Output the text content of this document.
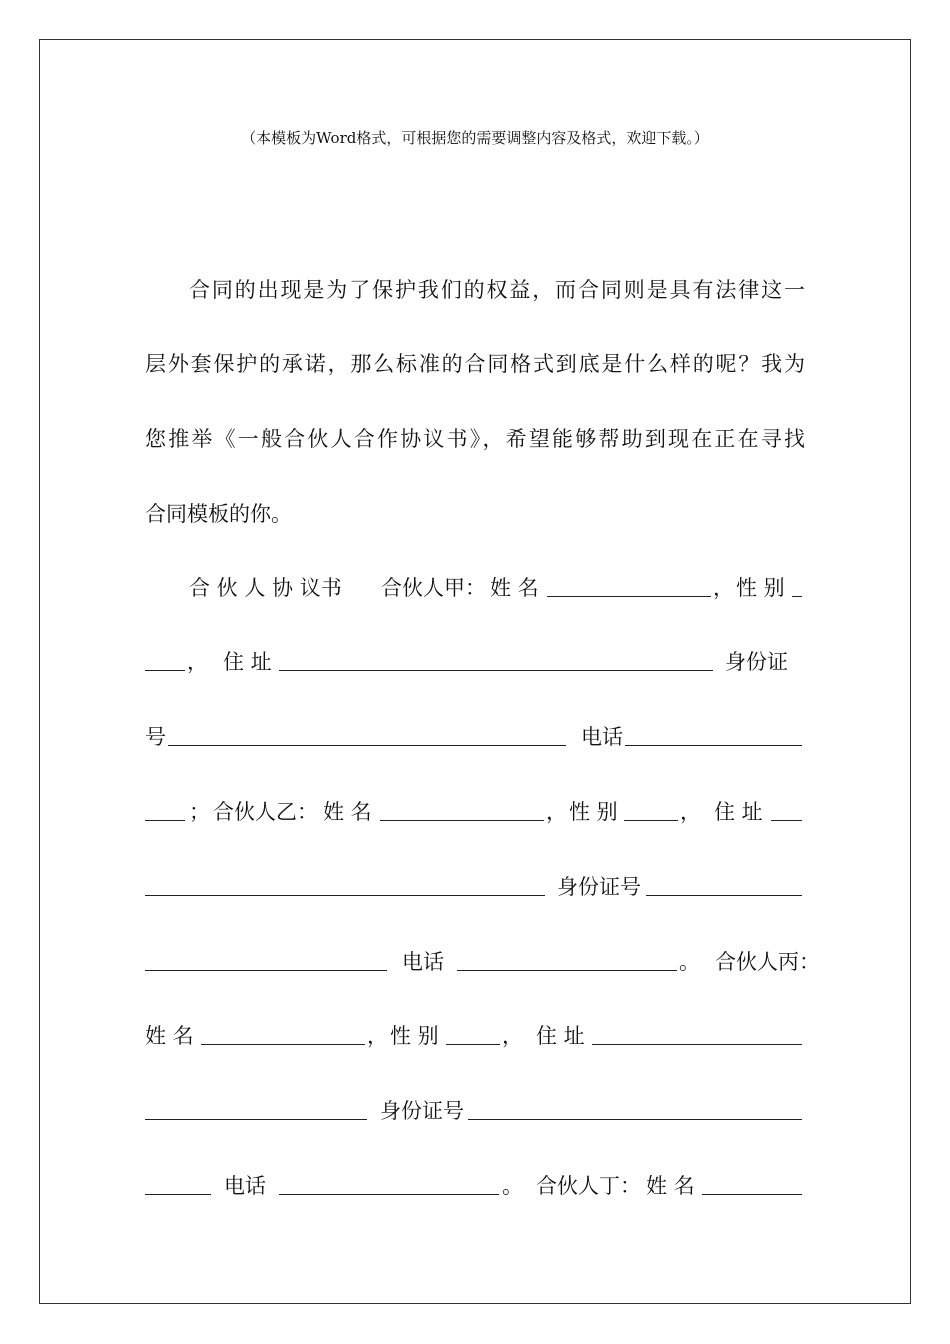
（本模板为Word格式，可根据您的需要调整内容及格式，欢迎下载。）
合同的出现是为了保护我们的权益，而合同则是具有法律这一
层外套保护的承诺，那么标准的合同格式到底是什么样的呢？我为
您推举《一般合伙人合作协议书》，希望能够帮助到现在正在寻找
合同模板的你。
合 伙 人 协 议书 合伙人甲： 姓 名	， 性 别
， 住 址	身份证
号	电话
； 合伙人乙： 姓 名	， 性 别	， 住 址
身份证号
电话	。 合伙人丙：
姓 名	， 性 别	， 住 址
身份证号
电话	。 合伙人丁： 姓 名
